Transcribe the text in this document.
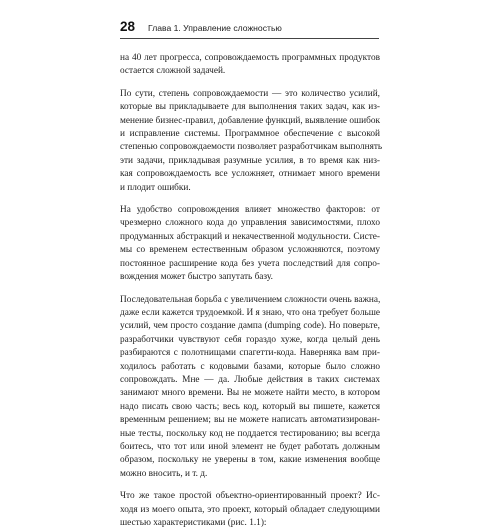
28 Глава 1. Управление сложностью
на 40 лет прогресса, сопровождаемость программных продуктов
остается сложной задачей.
По сути, степень сопровождаемости — это количество усилий,
которые вы прикладываете для выполнения таких задач, как из-
менение бизнес-правил, добавление функций, выявление ошибок
и исправление системы. Программное обеспечение с высокой
степенью сопровождаемости позволяет разработчикам выполнять
эти задачи, прикладывая разумные усилия, в то время как низ-
кая сопровождаемость все усложняет, отнимает много времени
и плодит ошибки.
На удобство сопровождения влияет множество факторов: от
чрезмерно сложного кода до управления зависимостями, плохо
продуманных абстракций и некачественной модульности. Систе-
мы со временем естественным образом усложняются, поэтому
постоянное расширение кода без учета последствий для сопро-
вождения может быстро запутать базу.
Последовательная борьба с увеличением сложности очень важна,
даже если кажется трудоемкой. И я знаю, что она требует больше
усилий, чем просто создание дампа (dumping code). Но поверьте,
разработчики чувствуют себя гораздо хуже, когда целый день
разбираются с полотнищами спагетти-кода. Наверняка вам при-
ходилось работать с кодовыми базами, которые было сложно
сопровождать. Мне — да. Любые действия в таких системах
занимают много времени. Вы не можете найти место, в котором
надо писать свою часть; весь код, который вы пишете, кажется
временным решением; вы не можете написать автоматизирован-
ные тесты, поскольку код не поддается тестированию; вы всегда
боитесь, что тот или иной элемент не будет работать должным
образом, поскольку не уверены в том, какие изменения вообще
можно вносить, и т. д.
Что же такое простой объектно-ориентированный проект? Ис-
ходя из моего опыта, это проект, который обладает следующими
шестью характеристиками (рис. 1.1):
